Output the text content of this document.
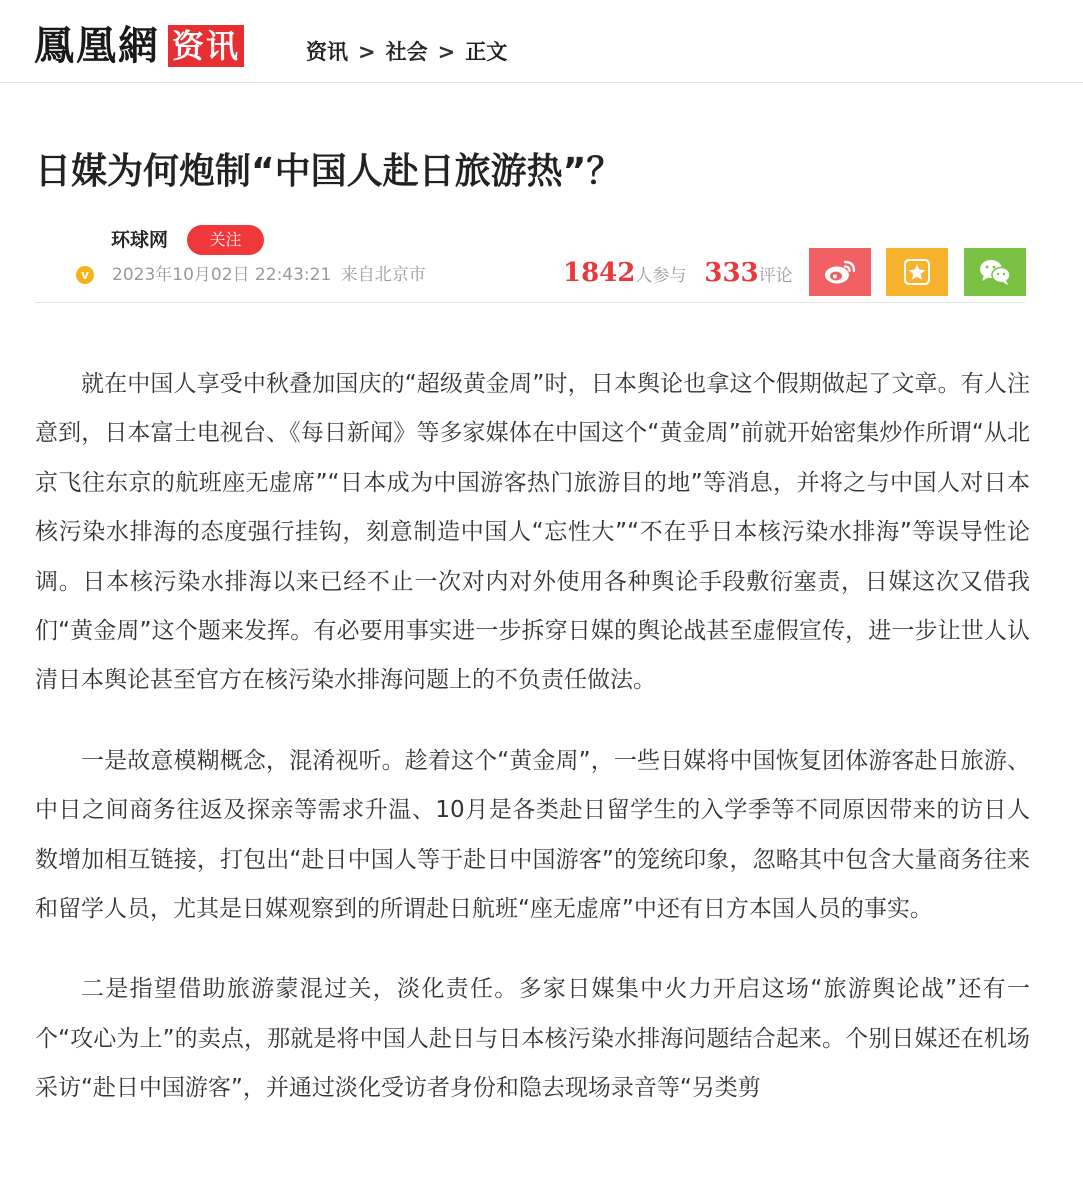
鳳凰網 资讯	资讯 > 社会 > 正文
日媒为何炮制“中国人赴日旅游热”？
环球网	关注
v 2023年10月02日 22:43:21 来自北京市	1842 人参与 333 评论

就在中国人享受中秋叠加国庆的“超级黄金周”时，日本舆论也拿这个假期做起了文章。有人注意到，日本富士电视台、《每日新闻》等多家媒体在中国这个“黄金周”前就开始密集炒作所谓“从北京飞往东京的航班座无虚席”“日本成为中国游客热门旅游目的地”等消息，并将之与中国人对日本核污染水排海的态度强行挂钩，刻意制造中国人“忘性大”“不在乎日本核污染水排海”等误导性论调。日本核污染水排海以来已经不止一次对内对外使用各种舆论手段敷衍塞责，日媒这次又借我们“黄金周”这个题来发挥。有必要用事实进一步拆穿日媒的舆论战甚至虚假宣传，进一步让世人认清日本舆论甚至官方在核污染水排海问题上的不负责任做法。

一是故意模糊概念，混淆视听。趁着这个“黄金周”，一些日媒将中国恢复团体游客赴日旅游、中日之间商务往返及探亲等需求升温、10月是各类赴日留学生的入学季等不同原因带来的访日人数增加相互链接，打包出“赴日中国人等于赴日中国游客”的笼统印象，忽略其中包含大量商务往来和留学人员，尤其是日媒观察到的所谓赴日航班“座无虚席”中还有日方本国人员的事实。

二是指望借助旅游蒙混过关，淡化责任。多家日媒集中火力开启这场“旅游舆论战”还有一个“攻心为上”的卖点，那就是将中国人赴日与日本核污染水排海问题结合起来。个别日媒还在机场采访“赴日中国游客”，并通过淡化受访者身份和隐去现场录音等“另类剪
